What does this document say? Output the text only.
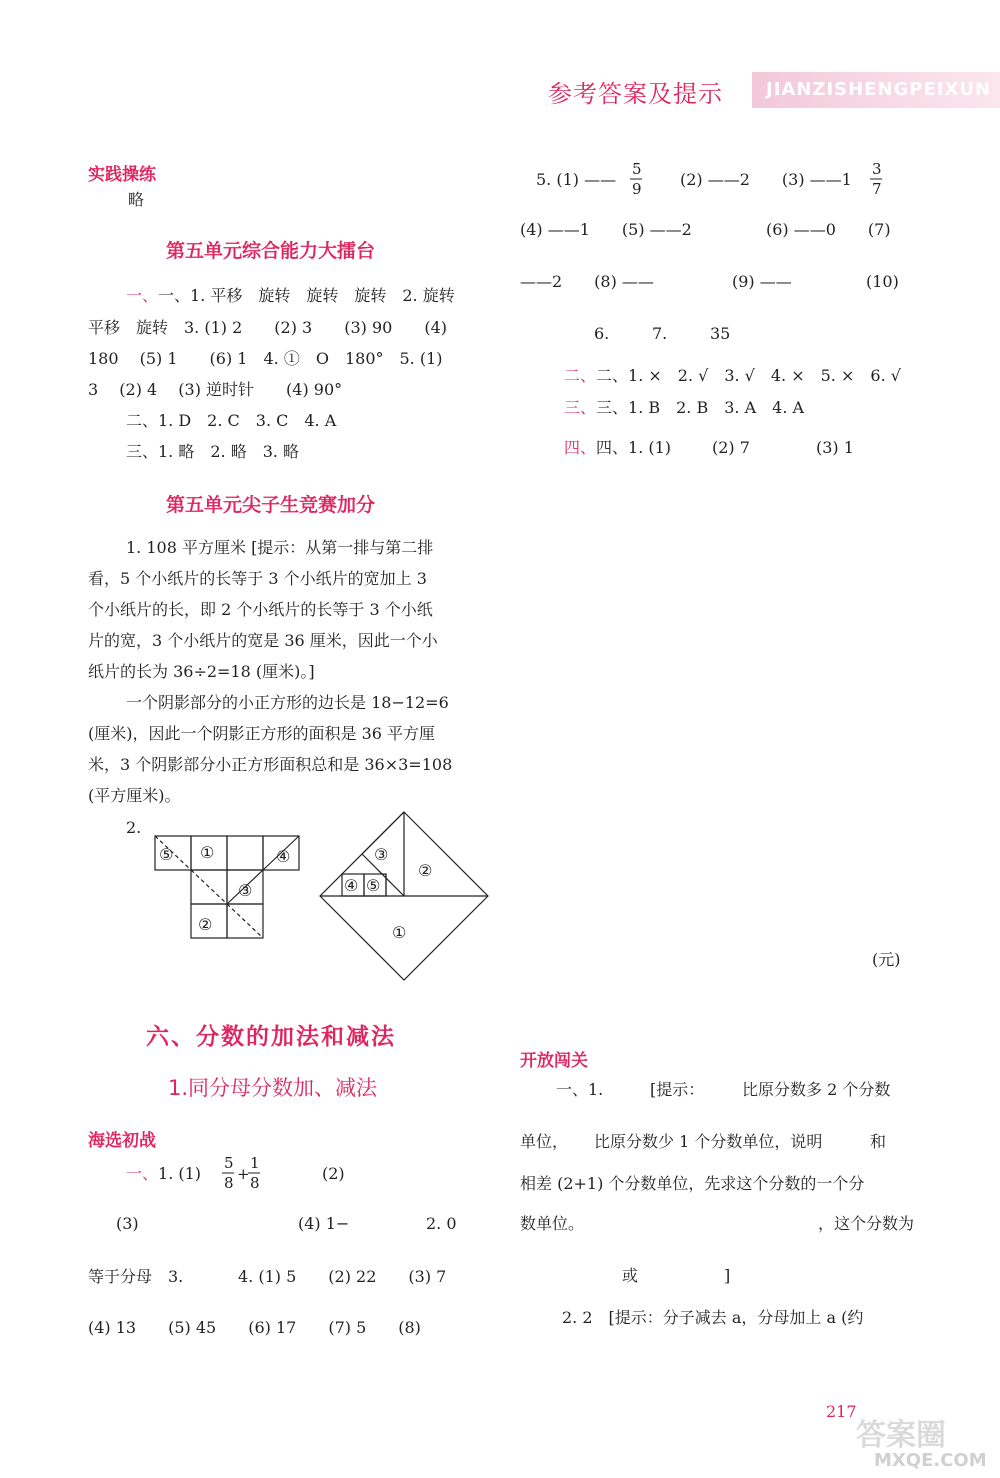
参考答案及提示	JIANZISHENGPEIXUN
实践操练
略
第五单元综合能力大擂台
一、一、1. 平移　旋转　旋转　旋转　2. 旋转
平移　旋转　3. (1) 2　　(2) 3　　(3) 90　　(4)
180　 (5) 1　　(6) 1　4. ①　O　180°　5. (1)
3　 (2) 4　 (3) 逆时针　　(4) 90°
二、1. D　2. C　3. C　4. A
三、1. 略　2. 略　3. 略
第五单元尖子生竞赛加分
1. 108 平方厘米 [提示：从第一排与第二排
看，5 个小纸片的长等于 3 个小纸片的宽加上 3
个小纸片的长，即 2 个小纸片的长等于 3 个小纸
片的宽，3 个小纸片的宽是 36 厘米，因此一个小
纸片的长为 36÷2=18 (厘米)。]
一个阴影部分的小正方形的边长是 18−12=6
(厘米)，因此一个阴影正方形的面积是 36 平方厘
米，3 个阴影部分小正方形面积总和是 36×3=108
(平方厘米)。
2.
⑤ ①	④
③
②
③
④ ⑤
②
①
六、分数的加法和减法
1.同分母分数加、减法
海选初战
一、1. (1)	(2)
(3)	(4) 1−	2. 0
等于分母　3.	4. (1) 5　　(2) 22　　(3) 7
(4) 13　　(5) 45　　(6) 17　　(7) 5　　(8)
5
8 +
1
8
5. (1) ——	(2) ——2　　(3) ——1
(4) ——1　　(5) ——2	(6) ——0　　(7)
——2　　(8) ——	(9) ——	(10)
6.	7.	35
二、二、1. ×　2. √　3. √　4. ×　5. ×　6. √
三、三、1. B　2. B　3. A　4. A
四、四、1. (1)	(2) 7	(3) 1
5
9
3
7
开放闯关
一、1.	[提示： 比原分数多 2 个分数
单位， 比原分数少 1 个分数单位，说明	和
相差 (2+1) 个分数单位，先求这个分数的一个分
数单位。	，这个分数为
或	]
2. 2　[提示：分子减去 a，分母加上 a (约
(元)
217
答案圈
MXQE.COM
